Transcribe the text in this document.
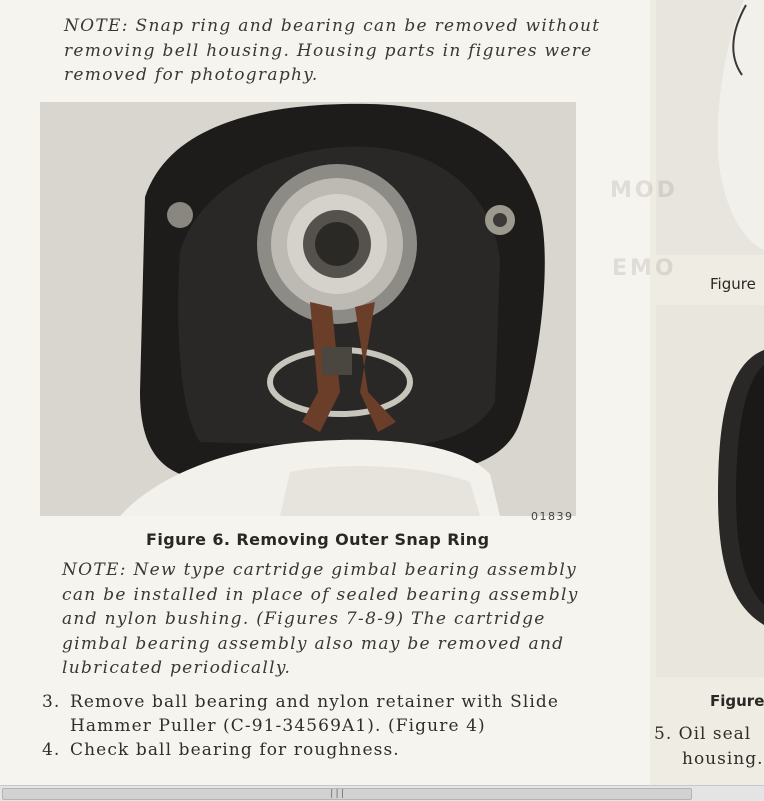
NOTE: Snap ring and bearing can be removed without removing bell housing. Housing parts in figures were removed for photography.

01839
Figure 6. Removing Outer Snap Ring

NOTE: New type cartridge gimbal bearing assembly can be installed in place of sealed bearing assembly and nylon bushing. (Figures 7-8-9) The cartridge gimbal bearing assembly also may be removed and lubricated periodically.

3. Remove ball bearing and nylon retainer with Slide
Hammer Puller (C-91-34569A1). (Figure 4)
4. Check ball bearing for roughness.
MOD
EMO
Figure
Figure
5. Oil seal
housing.
|||
